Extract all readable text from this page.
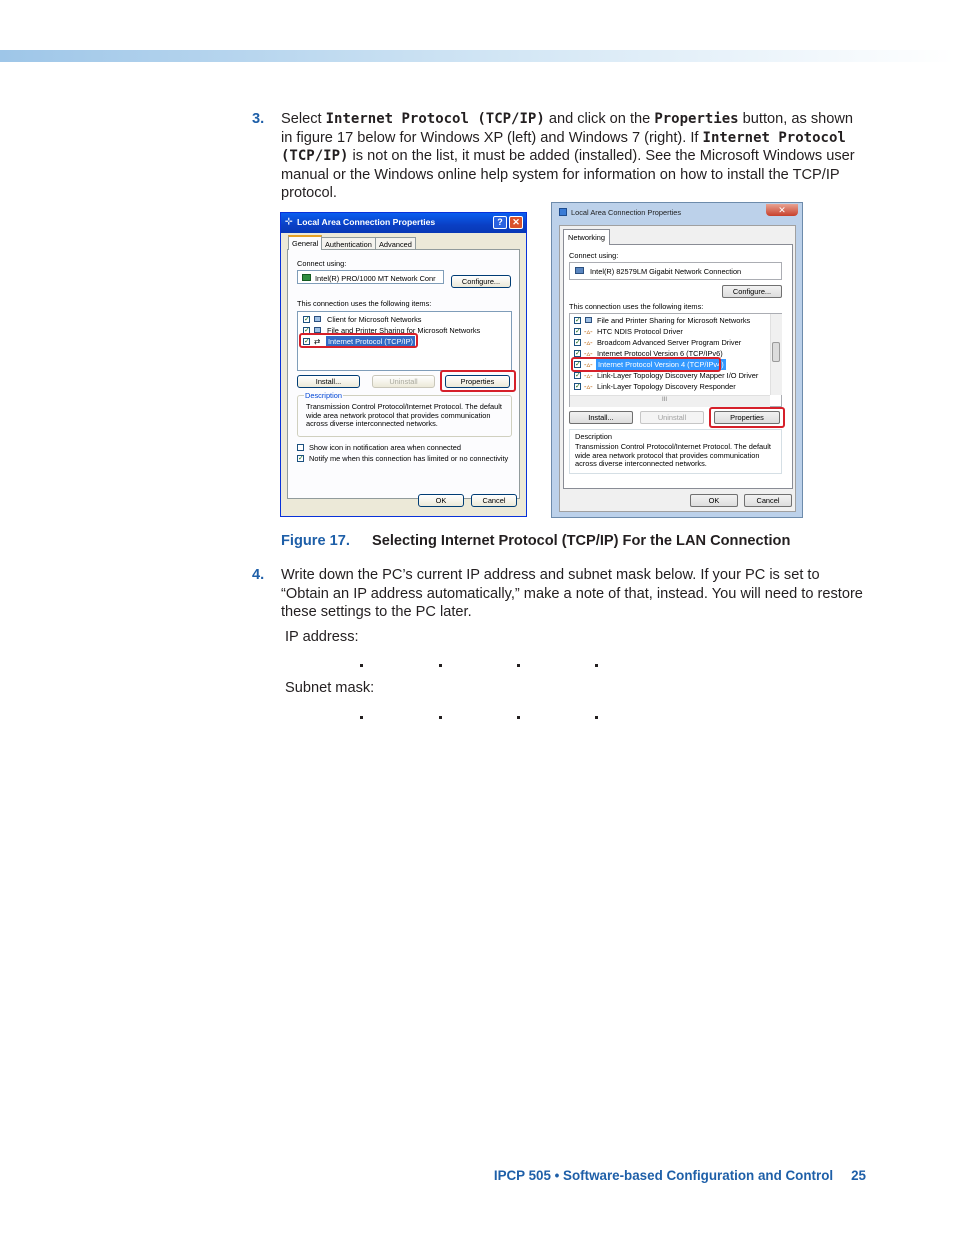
3. Select Internet Protocol (TCP/IP) and click on the Properties button, as shown in figure 17 below for Windows XP (left) and Windows 7 (right). If Internet Protocol (TCP/IP) is not on the list, it must be added (installed). See the Microsoft Windows user manual or the Windows online help system for information on how to install the TCP/IP protocol.
⊹ Local Area Connection Properties	?	✕
General Authentication Advanced
Connect using:
Intel(R) PRO/1000 MT Network Conr	Configure...
This connection uses the following items:
✓ Client for Microsoft Networks
✓ File and Printer Sharing for Microsoft Networks
✓ ⇄ Internet Protocol (TCP/IP)
Install...	Uninstall	Properties
Description
Transmission Control Protocol/Internet Protocol. The default wide area network protocol that provides communication across diverse interconnected networks.
Show icon in notification area when connected
✓ Notify me when this connection has limited or no connectivity
OK	Cancel
Local Area Connection Properties	✕
Networking
Connect using:
Intel(R) 82579LM Gigabit Network Connection
Configure...
This connection uses the following items:
✓ File and Printer Sharing for Microsoft Networks
✓ -▵- HTC NDIS Protocol Driver
✓ -▵- Broadcom Advanced Server Program Driver
✓ -▵- Internet Protocol Version 6 (TCP/IPv6)
✓ -▵- Internet Protocol Version 4 (TCP/IPv4)
✓ -▵- Link-Layer Topology Discovery Mapper I/O Driver
✓ -▵- Link-Layer Topology Discovery Responder
III
Install...	Uninstall	Properties
Description
Transmission Control Protocol/Internet Protocol. The default wide area network protocol that provides communication across diverse interconnected networks.
OK	Cancel
Figure 17. Selecting Internet Protocol (TCP/IP) For the LAN Connection
4. Write down the PC’s current IP address and subnet mask below. If your PC is set to “Obtain an IP address automatically,” make a note of that, instead. You will need to restore these settings to the PC later.
IP address:
Subnet mask:
IPCP 505 • Software-based Configuration and Control 25
